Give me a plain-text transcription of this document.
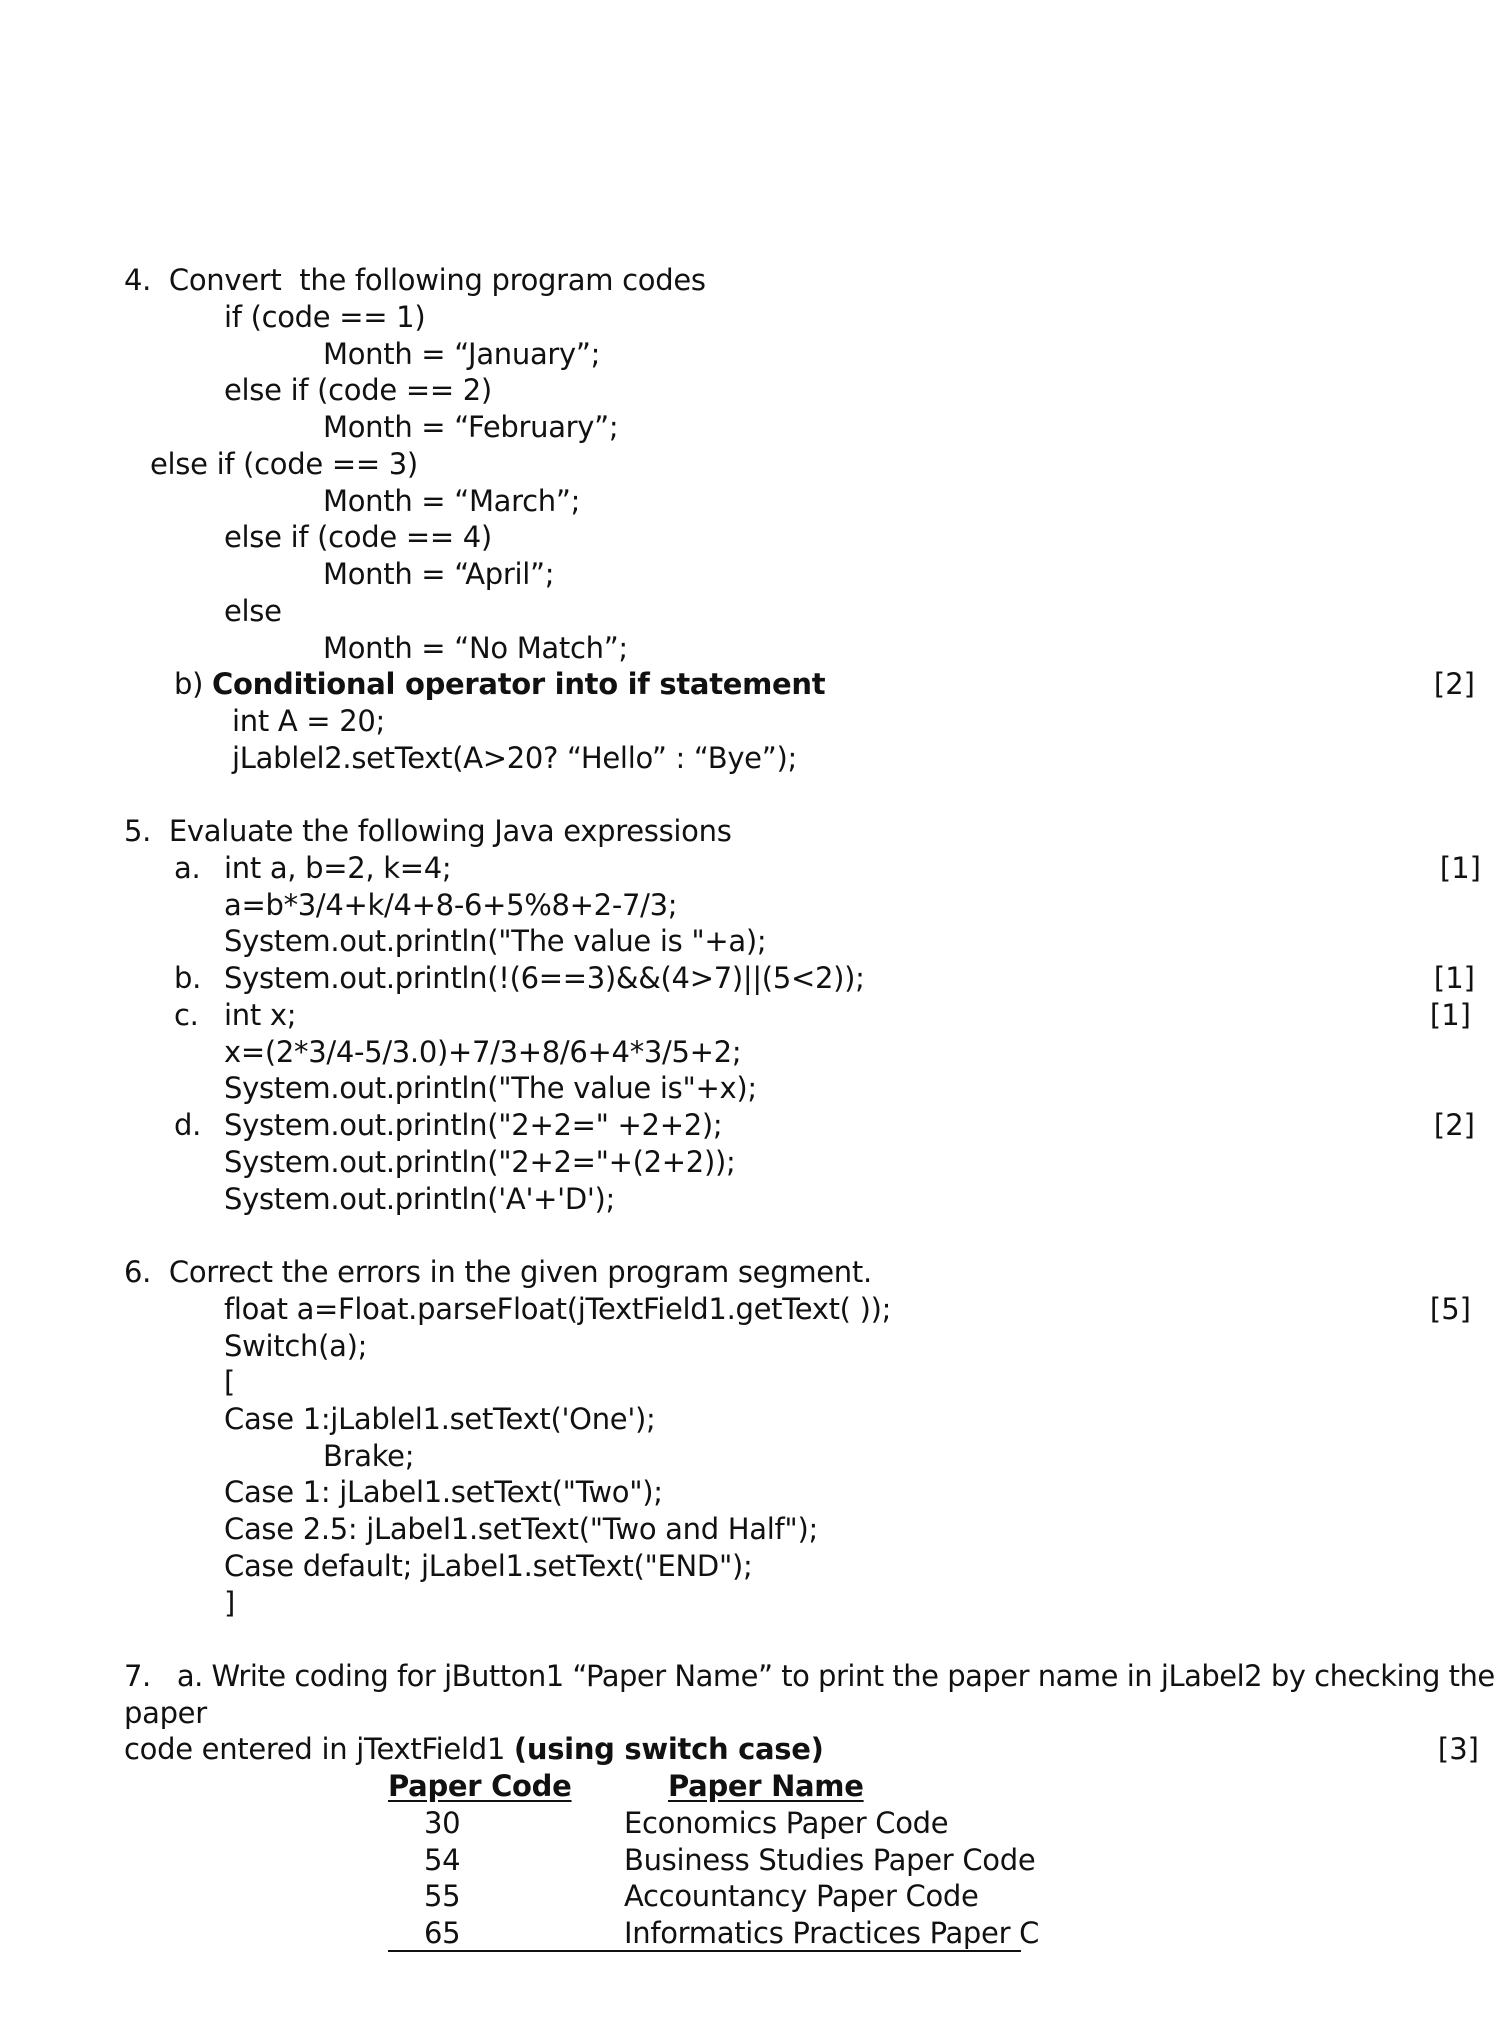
4.  Convert  the following program codes
if (code == 1)
Month = “January”;
else if (code == 2)
Month = “February”;
else if (code == 3)
Month = “March”;
else if (code == 4)
Month = “April”;
else
Month = “No Match”;
b) Conditional operator into if statement	[2]
int A = 20;
jLablel2.setText(A>20? “Hello” : “Bye”);
5.  Evaluate the following Java expressions
a. int a, b=2, k=4;	[1]
a=b*3/4+k/4+8-6+5%8+2-7/3;
System.out.println("The value is "+a);
b. System.out.println(!(6==3)&&(4>7)||(5<2));	[1]
c. int x;	[1]
x=(2*3/4-5/3.0)+7/3+8/6+4*3/5+2;
System.out.println("The value is"+x);
d. System.out.println("2+2=" +2+2);	[2]
System.out.println("2+2="+(2+2));
System.out.println('A'+'D');
6.  Correct the errors in the given program segment.
float a=Float.parseFloat(jTextField1.getText( ));	[5]
Switch(a);
[
Case 1:jLablel1.setText('One');
Brake;
Case 1: jLabel1.setText("Two");
Case 2.5: jLabel1.setText("Two and Half");
Case default; jLabel1.setText("END");
]
7.   a. Write coding for jButton1 “Paper Name” to print the paper name in jLabel2 by checking the
paper
code entered in jTextField1 (using switch case)	[3]
Paper Code	Paper Name
30	Economics Paper Code
54	Business Studies Paper Code
55	Accountancy Paper Code
65	Informatics Practices Paper C
